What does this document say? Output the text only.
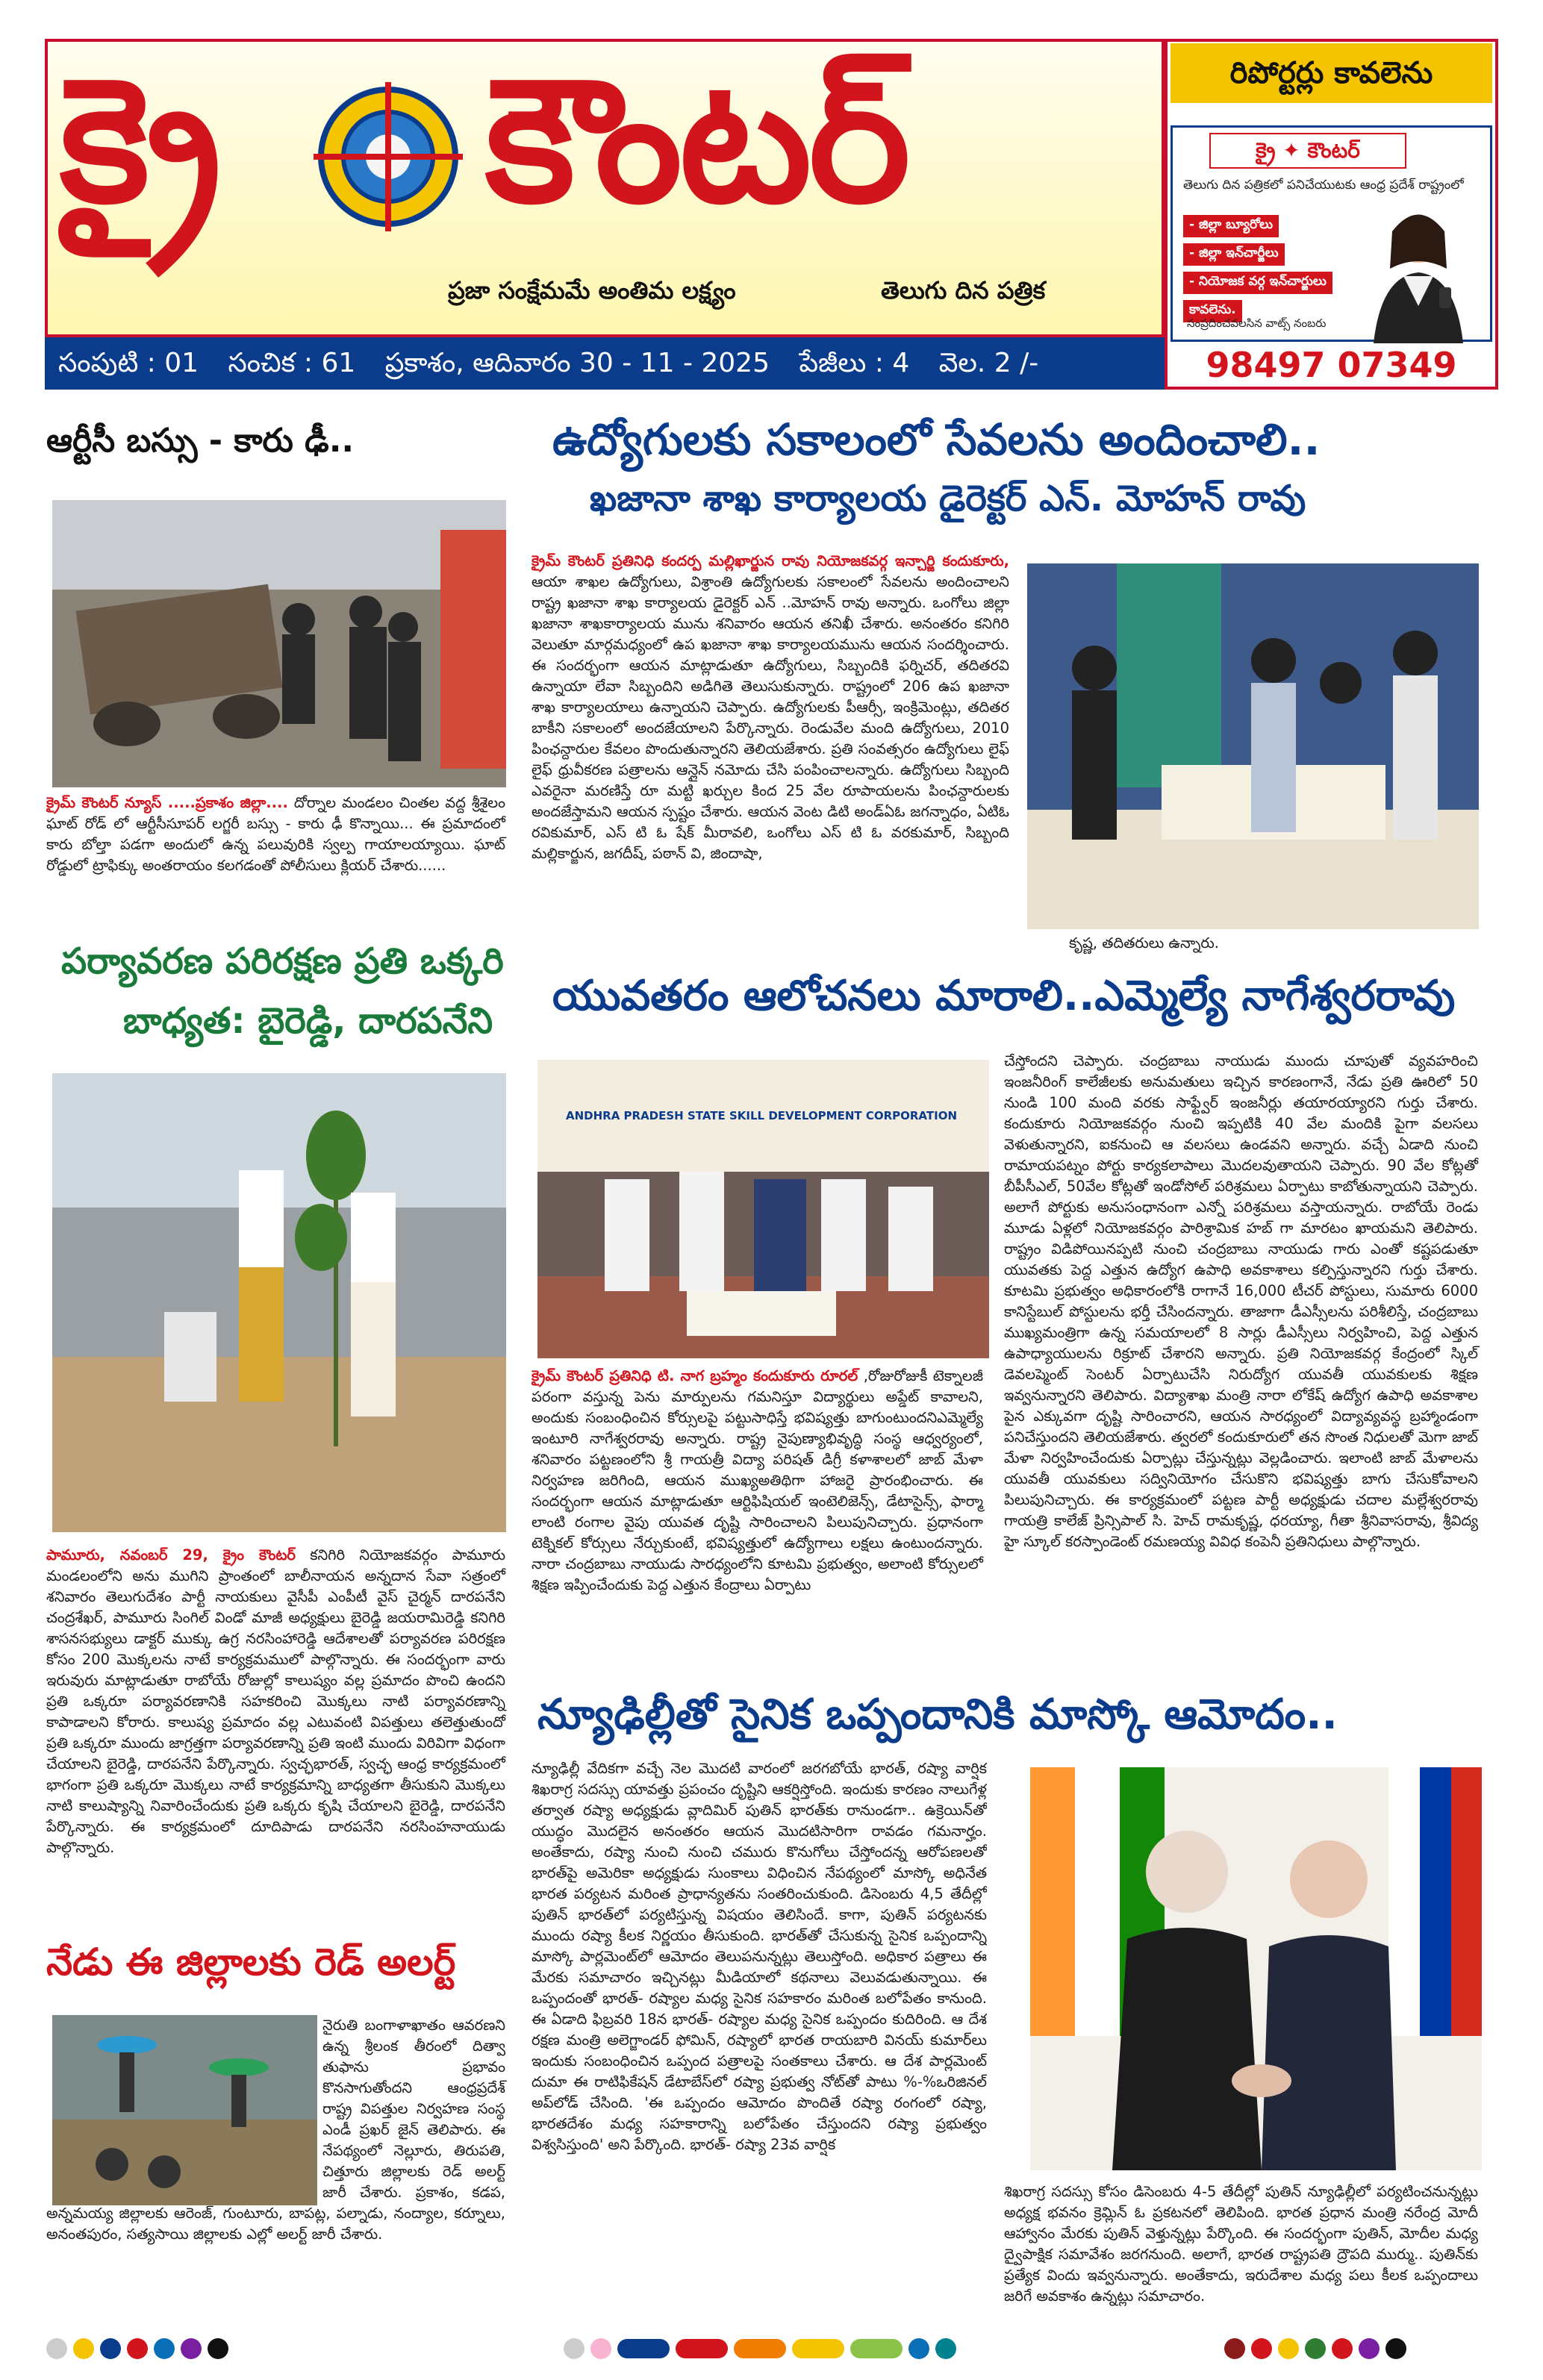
క్రై కౌంటర్
ప్రజా సంక్షేమమే అంతిమ లక్ష్యం	తెలుగు దిన పత్రిక
సంపుటి : 01 సంచిక : 61 ప్రకాశం, ఆదివారం 30 - 11 - 2025 పేజీలు : 4 వెల. 2 /-
రిపోర్టర్లు కావలెను
క్రై ✦ కౌంటర్
తెలుగు దిన పత్రికలో పనిచేయుటకు ఆంధ్ర ప్రదేశ్ రాష్ట్రంలో
- జిల్లా బ్యూరోలు
- జిల్లా ఇన్‌చార్జీలు
- నియోజక వర్గ ఇన్‌చార్జులు
కావలెను.
సంప్రదించవలసిన వాట్స్ నంబరు
98497 07349
ఆర్టీసీ బస్సు - కారు ఢీ..
క్రైమ్ కౌంటర్ న్యూస్ .....ప్రకాశం జిల్లా.... దోర్నాల మండలం చింతల వద్ద శ్రీశైలం ఘాట్ రోడ్ లో ఆర్టీసీసూపర్ లగ్జరీ బస్సు - కారు ఢీ కొన్నాయి... ఈ ప్రమాదంలో కారు బోల్తా పడగా అందులో ఉన్న పలువురికి స్వల్ప గాయాలయ్యాయి. ఘాట్ రోడ్డులో ట్రాఫిక్కు అంతరాయం కలగడంతో పోలీసులు క్లియర్ చేశారు......
ఉద్యోగులకు సకాలంలో సేవలను అందించాలి..
ఖజానా శాఖ కార్యాలయ డైరెక్టర్ ఎన్. మోహన్ రావు
క్రైమ్ కౌంటర్ ప్రతినిధి కందర్ప మల్లిఖార్జున రావు నియోజకవర్గ ఇన్చార్జి కందుకూరు, ఆయా శాఖల ఉద్యోగులు, విశ్రాంతి ఉద్యోగులకు సకాలంలో సేవలను అందించాలని రాష్ట్ర ఖజానా శాఖ కార్యాలయ డైరెక్టర్ ఎన్ ..మోహన్ రావు అన్నారు. ఒంగోలు జిల్లా ఖజానా శాఖకార్యాలయ మును శనివారం ఆయన తనిఖీ చేశారు. అనంతరం కనిగిరి వెలుతూ మార్గమధ్యంలో ఉప ఖజానా శాఖ కార్యాలయమును ఆయన సందర్శించారు. ఈ సందర్భంగా ఆయన మాట్లాడుతూ ఉద్యోగులు, సిబ్బందికి ఫర్నిచర్, తదితరవి ఉన్నాయా లేవా సిబ్బందిని అడిగితె తెలుసుకున్నారు. రాష్ట్రంలో 206 ఉప ఖజానా శాఖ కార్యాలయాలు ఉన్నాయని చెప్పారు. ఉద్యోగులకు పీఆర్సీ, ఇంక్రిమెంట్లు, తదితర బాకీని సకాలంలో అందజేయాలని పేర్కొన్నారు. రెండువేల మంది ఉద్యోగులు, 2010 పింఛన్దారుల కేవలం పొందుతున్నారని తెలియజేశారు. ప్రతి సంవత్సరం ఉద్యోగులు లైఫ్ లైఫ్ ధ్రువీకరణ పత్రాలను ఆన్లైన్ నమోదు చేసి పంపించాలన్నారు. ఉద్యోగులు సిబ్బంది ఎవరైనా మరణిస్తే రూ మట్టి ఖర్చుల కింద 25 వేల రూపాయలను పింఛన్దారులకు అందజేస్తామని ఆయన స్పష్టం చేశారు. ఆయన వెంట డిటి అండ్‌ఏఓ జగన్నాధం, ఏటిఓ రవికుమార్, ఎస్ టి ఓ షేక్ మీరావలి, ఒంగోలు ఎస్ టి ఓ వరకుమార్, సిబ్బంది మల్లికార్జున, జగదీష్, పఠాన్ వి, జిందాషా,
కృష్ణ, తదితరులు ఉన్నారు.
పర్యావరణ పరిరక్షణ ప్రతి ఒక్కరి
బాధ్యత: బైరెడ్డి, దారపనేని
పామూరు, నవంబర్ 29, క్రైం కౌంటర్ కనిగిరి నియోజకవర్గం పామూరు మండలంలోని అను ముగిని ప్రాంతంలో బాలీనాయన అన్నదాన సేవా సత్రంలో శనివారం తెలుగుదేశం పార్టీ నాయకులు వైసీపీ ఎంపీటీ వైస్ చైర్మన్ దారపనేని చంద్రశేఖర్, పామూరు సింగిల్ విండో మాజీ అధ్యక్షులు బైరెడ్డి జయరామిరెడ్డి కనిగిరి శాసనసభ్యులు డాక్టర్ ముక్కు ఉగ్ర నరసింహారెడ్డి ఆదేశాలతో పర్యావరణ పరిరక్షణ కోసం 200 మొక్కలను నాటే కార్యక్రమములో పాల్గొన్నారు. ఈ సందర్భంగా వారు ఇరువురు మాట్లాడుతూ రాబోయే రోజుల్లో కాలుష్యం వల్ల ప్రమాదం పొంచి ఉందని ప్రతి ఒక్కరూ పర్యావరణానికి సహకరించి మొక్కలు నాటి పర్యావరణాన్ని కాపాడాలని కోరారు. కాలుష్య ప్రమాదం వల్ల ఎటువంటి విపత్తులు తలెత్తుతుందో ప్రతి ఒక్కరూ ముందు జాగ్రత్తగా పర్యావరణాన్ని ప్రతి ఇంటి ముందు విరివిగా విధంగా చేయాలని బైరెడ్డి, దారపనేని పేర్కొన్నారు. స్వచ్ఛభారత్, స్వచ్ఛ ఆంధ్ర కార్యక్రమంలో భాగంగా ప్రతి ఒక్కరూ మొక్కలు నాటే కార్యక్రమాన్ని బాధ్యతగా తీసుకుని మొక్కలు నాటి కాలుష్యాన్ని నివారించేందుకు ప్రతి ఒక్కరు కృషి చేయాలని బైరెడ్డి, దారపనేని పేర్కొన్నారు. ఈ కార్యక్రమంలో దూదిపాడు దారపనేని నరసింహనాయుడు పాల్గొన్నారు.
యువతరం ఆలోచనలు మారాలి..ఎమ్మెల్యే నాగేశ్వరరావు
ANDHRA PRADESH STATE SKILL DEVELOPMENT CORPORATION
క్రైమ్ కౌంటర్ ప్రతినిధి టి. నాగ బ్రహ్మం కందుకూరు రూరల్ ,రోజురోజుకీ టెక్నాలజీ పరంగా వస్తున్న పెను మార్పులను గమనిస్తూ విద్యార్థులు అప్డేట్ కావాలని, అందుకు సంబంధించిన కోర్సులపై పట్టుసాధిస్తే భవిష్యత్తు బాగుంటుందనిఎమ్మెల్యే ఇంటూరి నాగేశ్వరరావు అన్నారు. రాష్ట్ర నైపుణ్యాభివృద్ధి సంస్థ ఆధ్వర్యంలో, శనివారం పట్టణంలోని శ్రీ గాయత్రీ విద్యా పరిషత్ డిగ్రీ కళాశాలలో జాబ్ మేళా నిర్వహణ జరిగింది, ఆయన ముఖ్యఅతిథిగా హాజరై ప్రారంభించారు. ఈ సందర్భంగా ఆయన మాట్లాడుతూ ఆర్టిఫిషియల్ ఇంటెలిజెన్స్, డేటాసైన్స్, ఫార్మా లాంటి రంగాల వైపు యువత దృష్టి సారించాలని పిలుపునిచ్చారు. ప్రధానంగా టెక్నికల్ కోర్సులు నేర్చుకుంటే, భవిష్యత్తులో ఉద్యోగాలు లక్షలు ఉంటుందన్నారు. నారా చంద్రబాబు నాయుడు సారధ్యంలోని కూటమి ప్రభుత్వం, అలాంటి కోర్సులలో శిక్షణ ఇప్పించేందుకు పెద్ద ఎత్తున కేంద్రాలు ఏర్పాటు
చేస్తోందని చెప్పారు. చంద్రబాబు నాయుడు ముందు చూపుతో వ్యవహరించి ఇంజనీరింగ్ కాలేజీలకు అనుమతులు ఇచ్చిన కారణంగానే, నేడు ప్రతి ఊరిలో 50 నుండి 100 మంది వరకు సాఫ్ట్వేర్ ఇంజనీర్లు తయారయ్యారని గుర్తు చేశారు. కందుకూరు నియోజకవర్గం నుంచి ఇప్పటికి 40 వేల మందికి పైగా వలసలు వెళుతున్నారని, ఐకనుంచి ఆ వలసలు ఉండవని అన్నారు. వచ్చే ఏడాది నుంచి రామాయపట్నం పోర్టు కార్యకలాపాలు మొదలవుతాయని చెప్పారు. 90 వేల కోట్లతో బీపీసీఎల్, 50వేల కోట్లతో ఇండోసోల్ పరిశ్రమలు ఏర్పాటు కాబోతున్నాయని చెప్పారు. అలాగే పోర్టుకు అనుసంధానంగా ఎన్నో పరిశ్రమలు వస్తాయన్నారు. రాబోయే రెండు మూడు ఏళ్లలో నియోజకవర్గం పారిశ్రామిక హబ్ గా మారటం ఖాయమని తెలిపారు. రాష్ట్రం విడిపోయినప్పటి నుంచి చంద్రబాబు నాయుడు గారు ఎంతో కష్టపడుతూ యువతకు పెద్ద ఎత్తున ఉద్యోగ ఉపాధి అవకాశాలు కల్పిస్తున్నారని గుర్తు చేశారు. కూటమి ప్రభుత్వం అధికారంలోకి రాగానే 16,000 టీచర్ పోస్టులు, సుమారు 6000 కానిస్టేబుల్ పోస్టులను భర్తీ చేసిందన్నారు. తాజాగా డీఎస్సీలను పరిశీలిస్తే, చంద్రబాబు ముఖ్యమంత్రిగా ఉన్న సమయాలలో 8 సార్లు డీఎస్సీలు నిర్వహించి, పెద్ద ఎత్తున ఉపాధ్యాయులను రిక్రూట్ చేశారని అన్నారు. ప్రతి నియోజకవర్గ కేంద్రంలో స్కిల్ డెవలప్మెంట్ సెంటర్ ఏర్పాటుచేసి నిరుద్యోగ యువతీ యువకులకు శిక్షణ ఇవ్వనున్నారని తెలిపారు. విద్యాశాఖ మంత్రి నారా లోకేష్ ఉద్యోగ ఉపాధి అవకాశాల పైన ఎక్కువగా దృష్టి సారించారని, ఆయన సారధ్యంలో విద్యావ్యవస్థ బ్రహ్మాండంగా పనిచేస్తుందని తెలియజేశారు. త్వరలో కందుకూరులో తన సొంత నిధులతో మెగా జాబ్ మేళా నిర్వహించేందుకు ఏర్పాట్లు చేస్తున్నట్లు వెల్లడించారు. ఇలాంటి జాబ్ మేళాలను యువతీ యువకులు సద్వినియోగం చేసుకొని భవిష్యత్తు బాగు చేసుకోవాలని పిలుపునిచ్చారు. ఈ కార్యక్రమంలో పట్టణ పార్టీ అధ్యక్షుడు చదాల మల్లేశ్వరరావు గాయత్రి కాలేజ్ ప్రిన్సిపాల్ సి. హెచ్ రామకృష్ణ, ధరయ్యా, గీతా శ్రీనివాసరావు, శ్రీవిద్య హై స్కూల్ కరస్పాండెంట్ రమణయ్య వివిధ కంపెనీ ప్రతినిధులు పాల్గొన్నారు.
నేడు ఈ జిల్లాలకు రెడ్ అలర్ట్
నైరుతి బంగాళాఖాతం ఆవరణని ఉన్న శ్రీలంక తీరంలో దిత్వా తుఫాను ప్రభావం కొనసాగుతోందని ఆంధ్రప్రదేశ్ రాష్ట్ర విపత్తుల నిర్వహణ సంస్థ ఎండీ ప్రఖర్ జైన్ తెలిపారు. ఈ నేపథ్యంలో నెల్లూరు, తిరుపతి, చిత్తూరు జిల్లాలకు రెడ్ అలర్ట్ జారీ చేశారు. ప్రకాశం, కడప, అన్నమయ్య జిల్లాలకు ఆరెంజ్, గుంటూరు, బాపట్ల, పల్నాడు, నంద్యాల, కర్నూలు, అనంతపురం, సత్యసాయి జిల్లాలకు ఎల్లో అలర్ట్ జారీ చేశారు.
న్యూఢిల్లీతో సైనిక ఒప్పందానికి మాస్కో ఆమోదం..
న్యూఢిల్లీ వేదికగా వచ్చే నెల మొదటి వారంలో జరగబోయే భారత్, రష్యా వార్షిక శిఖరాగ్ర సదస్సు యావత్తు ప్రపంచం దృష్టిని ఆకర్షిస్తోంది. ఇందుకు కారణం నాలుగేళ్ల తర్వాత రష్యా అధ్యక్షుడు వ్లాదిమిర్ పుతిన్ భారత్‌కు రానుండగా.. ఉక్రెయిన్‌తో యుద్ధం మొదలైన అనంతరం ఆయన మొదటిసారిగా రావడం గమనార్హం. అంతేకాదు, రష్యా నుంచి నుంచి చమురు కొనుగోలు చేస్తోందన్న ఆరోపణలతో భారత్‌పై అమెరికా అధ్యక్షుడు సుంకాలు విధించిన నేపథ్యంలో మాస్కో అధినేత భారత పర్యటన మరింత ప్రాధాన్యతను సంతరించుకుంది. డిసెంబరు 4,5 తేదీల్లో పుతిన్ భారత్‌లో పర్యటిస్తున్న విషయం తెలిసిందే. కాగా, పుతిన్ పర్యటనకు ముందు రష్యా కీలక నిర్ణయం తీసుకుంది. భారత్‌తో చేసుకున్న సైనిక ఒప్పందాన్ని మాస్కో పార్లమెంట్‌లో ఆమోదం తెలుపనున్నట్లు తెలుస్తోంది. అధికార పత్రాలు ఈ మేరకు సమాచారం ఇచ్చినట్లు మీడియాలో కథనాలు వెలువడుతున్నాయి. ఈ ఒప్పందంతో భారత్- రష్యాల మధ్య సైనిక సహకారం మరింత బలోపేతం కానుంది. ఈ ఏడాది ఫిబ్రవరి 18న భారత్- రష్యాల మధ్య సైనిక ఒప్పందం కుదిరింది. ఆ దేశ రక్షణ మంత్రి అలెగ్జాండర్ ఫోమిన్, రష్యాలో భారత రాయబారి వినయ్ కుమార్‌లు ఇందుకు సంబంధించిన ఒప్పంద పత్రాలపై సంతకాలు చేశారు. ఆ దేశ పార్లమెంట్ దుమా ఈ రాటిఫికేషన్ డేటాబేస్‌లో రష్యా ప్రభుత్వ నోట్‌తో పాటు %-%ఒరిజినల్ అప్‌లోడ్ చేసింది. 'ఈ ఒప్పందం ఆమోదం పొందితే రష్యా రంగంలో రష్యా, భారతదేశం మధ్య సహకారాన్ని బలోపేతం చేస్తుందని రష్యా ప్రభుత్వం విశ్వసిస్తుంది' అని పేర్కొంది. భారత్- రష్యా 23వ వార్షిక
శిఖరాగ్ర సదస్సు కోసం డిసెంబరు 4-5 తేదీల్లో పుతిన్ న్యూఢిల్లీలో పర్యటించనున్నట్లు అధ్యక్ష భవనం క్రెమ్లిన్ ఓ ప్రకటనలో తెలిపింది. భారత ప్రధాన మంత్రి నరేంద్ర మోదీ ఆహ్వానం మేరకు పుతిన్ వెళ్తున్నట్లు పేర్కొంది. ఈ సందర్భంగా పుతిన్, మోదీల మధ్య ద్వైపాక్షిక సమావేశం జరగనుంది. అలాగే, భారత రాష్ట్రపతి ద్రౌపది ముర్ము.. పుతిన్‌కు ప్రత్యేక విందు ఇవ్వనున్నారు. అంతేకాదు, ఇరుదేశాల మధ్య పలు కీలక ఒప్పందాలు జరిగే అవకాశం ఉన్నట్లు సమాచారం.
